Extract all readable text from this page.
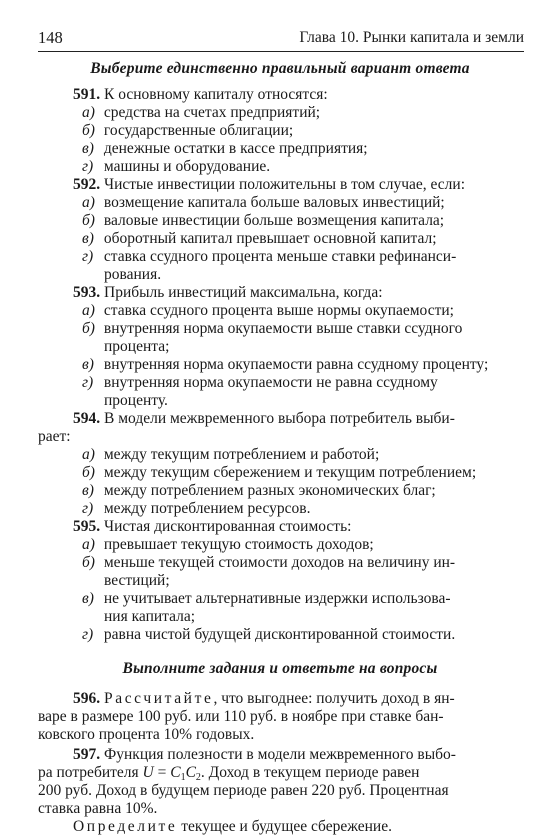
148	Глава 10. Рынки капитала и земли
Выберите единственно правильный вариант ответа
591. К основному капиталу относятся:
а) средства на счетах предприятий;
б) государственные облигации;
в) денежные остатки в кассе предприятия;
г) машины и оборудование.
592. Чистые инвестиции положительны в том случае, если:
а) возмещение капитала больше валовых инвестиций;
б) валовые инвестиции больше возмещения капитала;
в) оборотный капитал превышает основной капитал;
г) ставка ссудного процента меньше ставки рефинанси-
рования.
593. Прибыль инвестиций максимальна, когда:
а) ставка ссудного процента выше нормы окупаемости;
б) внутренняя норма окупаемости выше ставки ссудного
процента;
в) внутренняя норма окупаемости равна ссудному проценту;
г) внутренняя норма окупаемости не равна ссудному
проценту.
594. В модели межвременного выбора потребитель выби-
рает:
а) между текущим потреблением и работой;
б) между текущим сбережением и текущим потреблением;
в) между потреблением разных экономических благ;
г) между потреблением ресурсов.
595. Чистая дисконтированная стоимость:
а) превышает текущую стоимость доходов;
б) меньше текущей стоимости доходов на величину ин-
вестиций;
в) не учитывает альтернативные издержки использова-
ния капитала;
г) равна чистой будущей дисконтированной стоимости.
Выполните задания и ответьте на вопросы
596. Рассчитайте, что выгоднее: получить доход в ян-
варе в размере 100 руб. или 110 руб. в ноябре при ставке бан-
ковского процента 10% годовых.
597. Функция полезности в модели межвременного выбо-
ра потребителя $U = C_1C_2$. Доход в текущем периоде равен
200 руб. Доход в будущем периоде равен 220 руб. Процентная
ставка равна 10%.
Определите текущее и будущее сбережение.
